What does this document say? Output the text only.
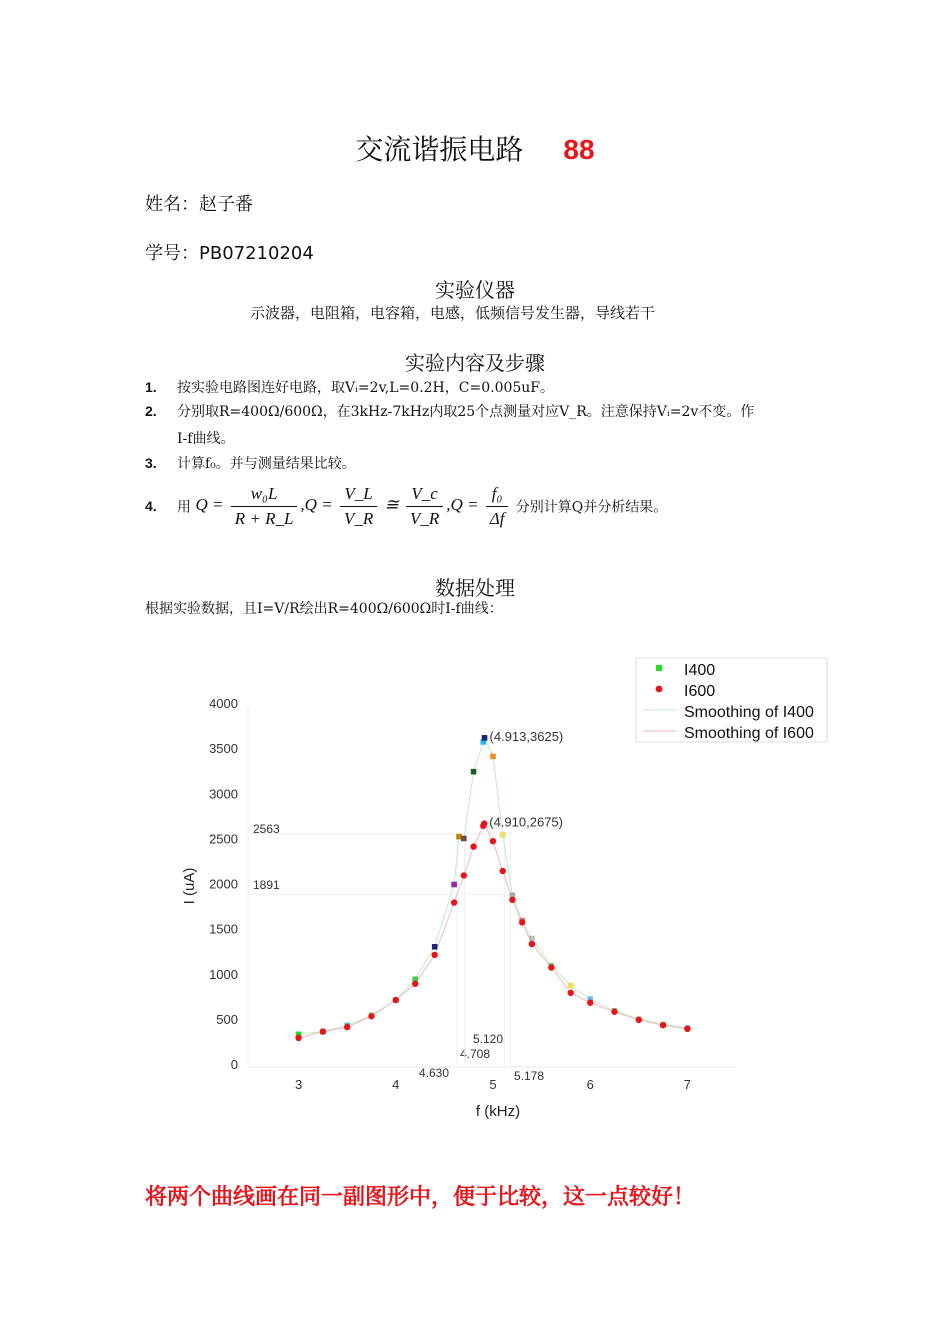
交流谐振电路 88
姓名：赵子番
学号：PB07210204
实验仪器
示波器，电阻箱，电容箱，电感，低频信号发生器，导线若干
实验内容及步骤
1. 按实验电路图连好电路，取Vᵢ=2v,L=0.2H，C=0.005uF。
2. 分别取R=400Ω/600Ω，在3kHz-7kHz内取25个点测量对应V_R。注意保持Vᵢ=2v不变。作
I-f曲线。
3. 计算f₀。并与测量结果比较。
4. 用 $Q = \frac{\text{w₀L}}{R + R\_L} ,Q = \frac{V\_L}{V\_R}$ ≅ $\frac{V\_c}{V\_R} ,Q = \frac{\text{f₀}}{\Delta f}$ 分别计算Q并分析结果。
数据处理
根据实验数据，且I=V/R绘出R=400Ω/600Ω时I-f曲线：
I400
I600
Smoothing of I400
Smoothing of I600
f (kHz)
I (uA)
2563
1891
4.630
4.708
5.120
5.178
0
500
1000
1500
2000
2500
3000
3500
4000
3	4	5	6	7
(4.913,3625)
(4.910,2675)
将两个曲线画在同一副图形中，便于比较，这一点较好！
